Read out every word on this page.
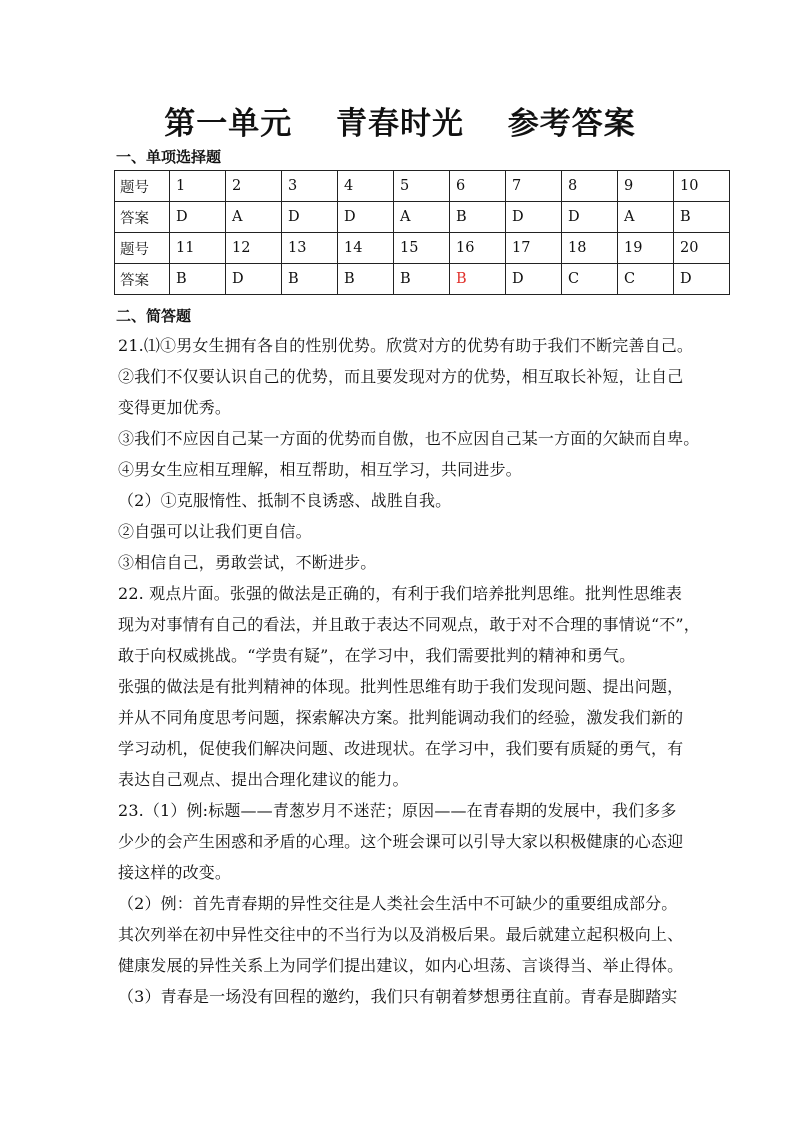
第一单元　 青春时光　 参考答案
一、单项选择题
题号	1	2	3	4	5	6	7	8	9	10
答案	D	A	D	D	A	B	D	D	A	B
题号	11	12	13	14	15	16	17	18	19	20
答案	B	D	B	B	B	B	D	C	C	D
二、简答题

21.⑴①男女生拥有各自的性别优势。欣赏对方的优势有助于我们不断完善自己。

②我们不仅要认识自己的优势，而且要发现对方的优势，相互取长补短，让自己

变得更加优秀。

③我们不应因自己某一方面的优势而自傲，也不应因自己某一方面的欠缺而自卑。

④男女生应相互理解，相互帮助，相互学习，共同进步。

（2）①克服惰性、抵制不良诱惑、战胜自我。

②自强可以让我们更自信。

③相信自己，勇敢尝试，不断进步。

22. 观点片面。张强的做法是正确的，有利于我们培养批判思维。批判性思维表

现为对事情有自己的看法，并且敢于表达不同观点，敢于对不合理的事情说“不”，

敢于向权威挑战。“学贵有疑”，在学习中，我们需要批判的精神和勇气。

张强的做法是有批判精神的体现。批判性思维有助于我们发现问题、提出问题，

并从不同角度思考问题，探索解决方案。批判能调动我们的经验，激发我们新的

学习动机，促使我们解决问题、改进现状。在学习中，我们要有质疑的勇气，有

表达自己观点、提出合理化建议的能力。

23.（1）例:标题——青葱岁月不迷茫；原因——在青春期的发展中，我们多多

少少的会产生困惑和矛盾的心理。这个班会课可以引导大家以积极健康的心态迎

接这样的改变。

（2）例：首先青春期的异性交往是人类社会生活中不可缺少的重要组成部分。

其次列举在初中异性交往中的不当行为以及消极后果。最后就建立起积极向上、

健康发展的异性关系上为同学们提出建议，如内心坦荡、言谈得当、举止得体。

（3）青春是一场没有回程的邀约，我们只有朝着梦想勇往直前。青春是脚踏实
